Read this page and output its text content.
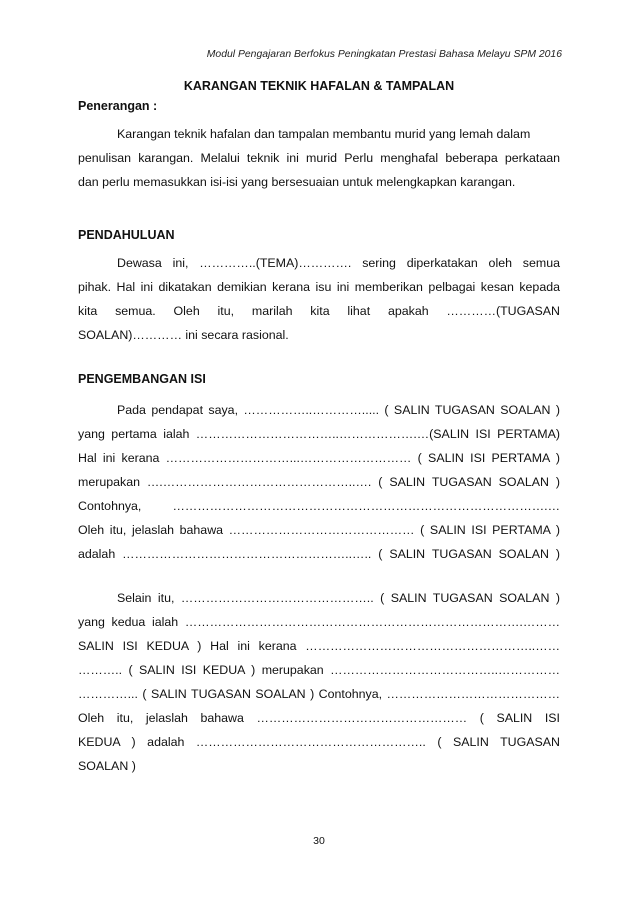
Modul Pengajaran Berfokus Peningkatan Prestasi Bahasa Melayu SPM 2016
KARANGAN TEKNIK HAFALAN & TAMPALAN
Penerangan :
Karangan teknik hafalan dan tampalan membantu murid yang lemah dalam
penulisan karangan. Melalui teknik ini murid Perlu menghafal beberapa perkataan
dan perlu memasukkan isi-isi yang bersesuaian untuk melengkapkan karangan.
PENDAHULUAN
Dewasa ini, …………..(TEMA)…………. sering diperkatakan oleh semua
pihak. Hal ini dikatakan demikian kerana isu ini memberikan pelbagai kesan kepada
kita semua. Oleh itu, marilah kita lihat apakah …………(TUGASAN
SOALAN)………… ini secara rasional.
PENGEMBANGAN ISI
Pada pendapat saya, ……………..…………..... ( SALIN TUGASAN SOALAN )
yang pertama ialah ……………………………..……………….…(SALIN ISI PERTAMA)
Hal ini kerana …………………………...……………………… ( SALIN ISI PERTAMA )
merupakan ….………………………………………..…. ( SALIN TUGASAN SOALAN )
Contohnya, ……………………………………………………………………………….…
Oleh itu, jelaslah bahawa ……………………………………… ( SALIN ISI PERTAMA )
adalah ………………………………………………..….. ( SALIN TUGASAN SOALAN )
Selain itu, ……………………………………….. ( SALIN TUGASAN SOALAN )
yang kedua ialah ……………………………………………………………………….………
SALIN ISI KEDUA ) Hal ini kerana ………………………………………………..……
……….. ( SALIN ISI KEDUA ) merupakan …………………………………..……………
…………... ( SALIN TUGASAN SOALAN ) Contohnya, ……………………………………
Oleh itu, jelaslah bahawa …………………………………………… ( SALIN ISI
KEDUA ) adalah ……………………………………………….. ( SALIN TUGASAN
SOALAN )
30
